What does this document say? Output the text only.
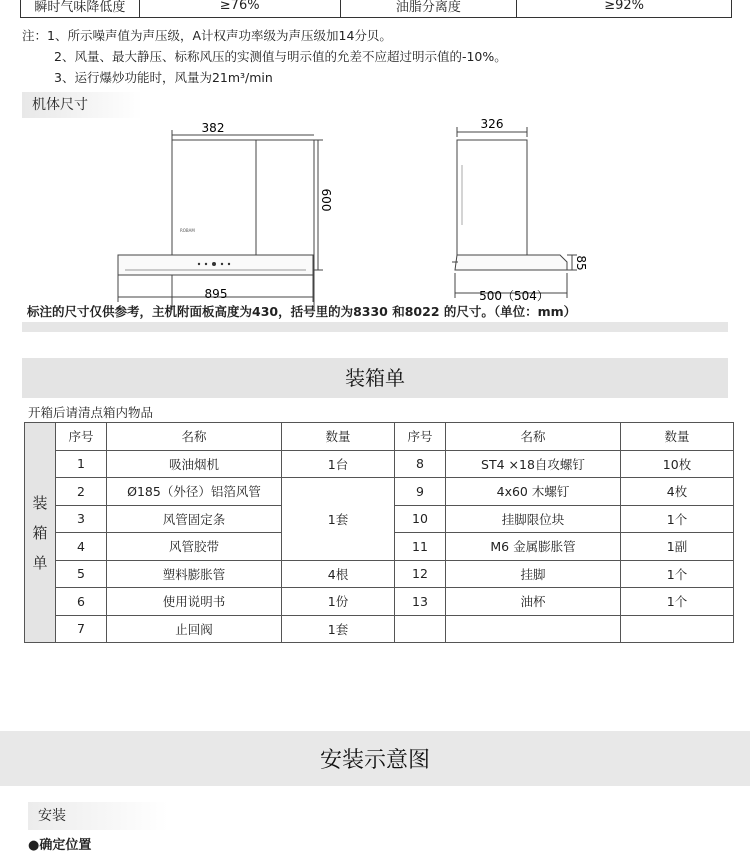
瞬时气味降低度	≥76%	油脂分离度	≥92%

注：1、所示噪声值为声压级，A计权声功率级为声压级加14分贝。

2、风量、最大静压、标称风压的实测值与明示值的允差不应超过明示值的-10%。

3、运行爆炒功能时，风量为21m³/min

机体尺寸
ROBAM
382
600
895
326
85
500（504）
标注的尺寸仅供参考，主机附面板高度为430，括号里的为8330 和8022 的尺寸。（单位：mm）
装箱单
开箱后请清点箱内物品
装
箱
单	序号	名称	数量	序号	名称	数量
	1	吸油烟机	1台	8	ST4 ×18自攻螺钉	10枚
	2	Ø185（外径）铝箔风管	1套	9	4x60 木螺钉	4枚
	3	风管固定条		10	挂脚限位块	1个
	4	风管胶带		11	M6 金属膨胀管	1副
	5	塑料膨胀管	4根	12	挂脚	1个
	6	使用说明书	1份	13	油杯	1个
	7	止回阀	1套			
安装示意图
安装
●确定位置
